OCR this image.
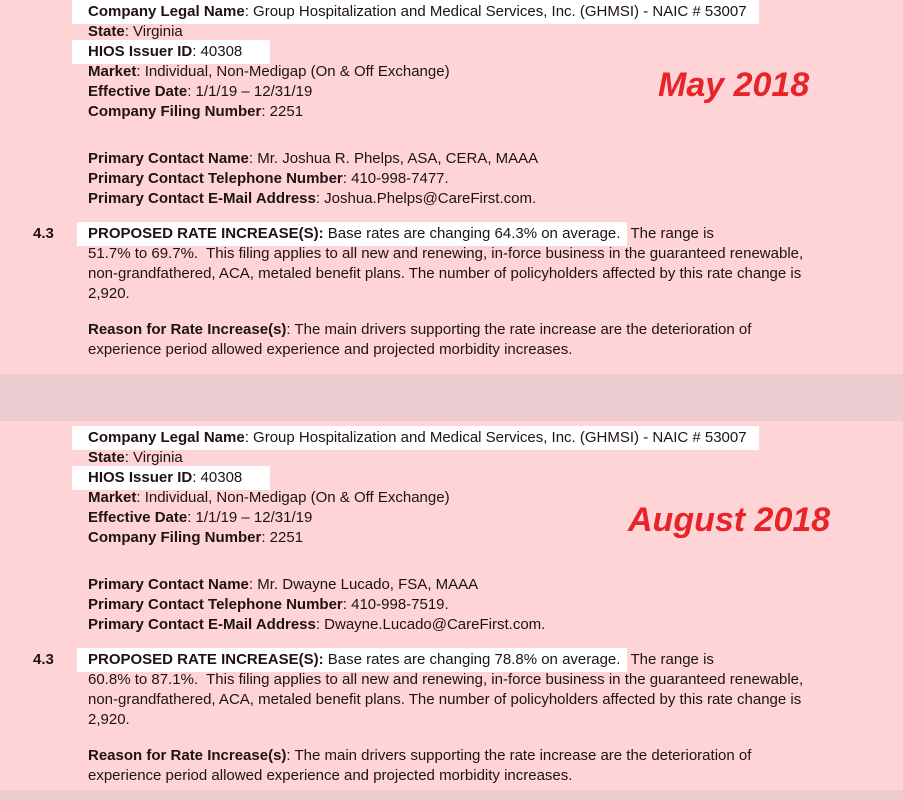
May 2018
Company Legal Name: Group Hospitalization and Medical Services, Inc. (GHMSI) - NAIC # 53007
State: Virginia
HIOS Issuer ID: 40308
Market: Individual, Non-Medigap (On & Off Exchange)
Effective Date: 1/1/19 – 12/31/19
Company Filing Number: 2251
Primary Contact Name: Mr. Joshua R. Phelps, ASA, CERA, MAAA
Primary Contact Telephone Number: 410-998-7477.
Primary Contact E-Mail Address: Joshua.Phelps@CareFirst.com.
4.3 PROPOSED RATE INCREASE(S): Base rates are changing 64.3% on average.  The range is
51.7% to 69.7%.  This filing applies to all new and renewing, in-force business in the guaranteed renewable,
non-grandfathered, ACA, metaled benefit plans. The number of policyholders affected by this rate change is
2,920.
Reason for Rate Increase(s): The main drivers supporting the rate increase are the deterioration of
experience period allowed experience and projected morbidity increases.
August 2018
Company Legal Name: Group Hospitalization and Medical Services, Inc. (GHMSI) - NAIC # 53007
State: Virginia
HIOS Issuer ID: 40308
Market: Individual, Non-Medigap (On & Off Exchange)
Effective Date: 1/1/19 – 12/31/19
Company Filing Number: 2251
Primary Contact Name: Mr. Dwayne Lucado, FSA, MAAA
Primary Contact Telephone Number: 410-998-7519.
Primary Contact E-Mail Address: Dwayne.Lucado@CareFirst.com.
4.3 PROPOSED RATE INCREASE(S): Base rates are changing 78.8% on average.  The range is
60.8% to 87.1%.  This filing applies to all new and renewing, in-force business in the guaranteed renewable,
non-grandfathered, ACA, metaled benefit plans. The number of policyholders affected by this rate change is
2,920.
Reason for Rate Increase(s): The main drivers supporting the rate increase are the deterioration of
experience period allowed experience and projected morbidity increases.
